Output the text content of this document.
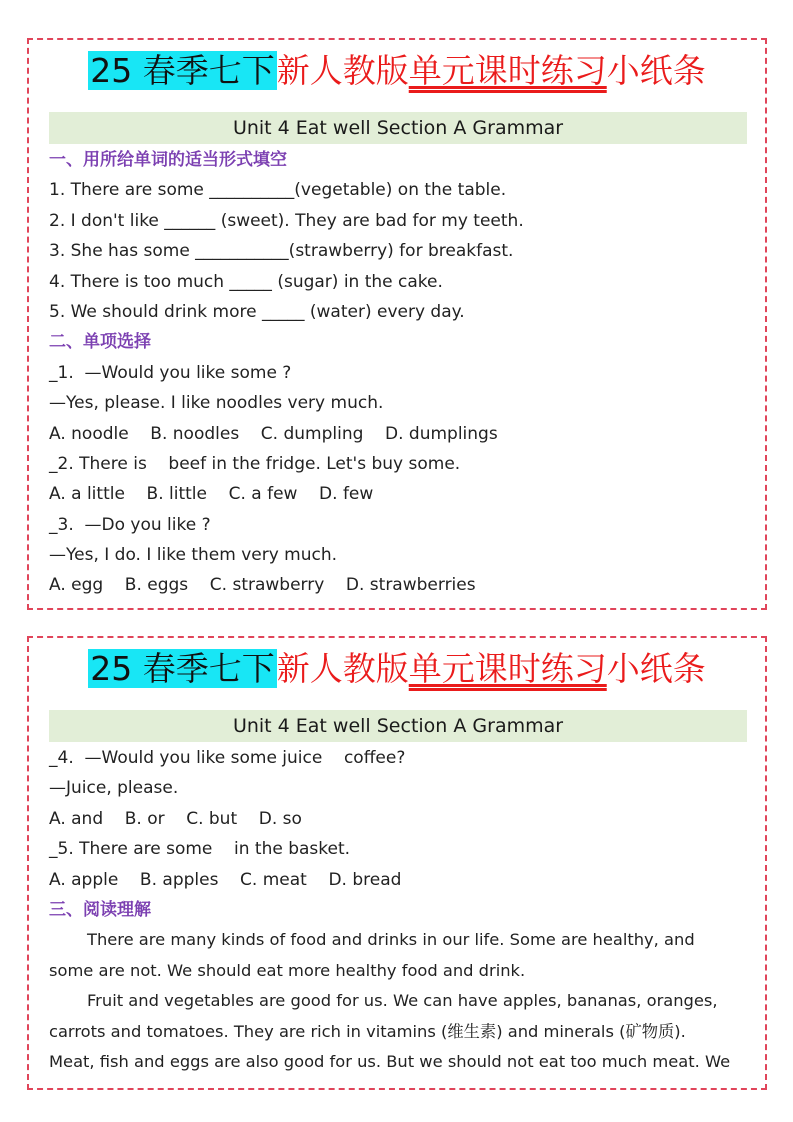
25 春季七下新人教版单元课时练习小纸条
Unit 4 Eat well Section A Grammar
一、用所给单词的适当形式填空
1. There are some __________(vegetable) on the table.
2. I don't like ______ (sweet). They are bad for my teeth.
3. She has some ___________(strawberry) for breakfast.
4. There is too much _____ (sugar) in the cake.
5. We should drink more _____ (water) every day.
二、单项选择
_1.  —Would you like some ?
—Yes, please. I like noodles very much.
A. noodle    B. noodles    C. dumpling    D. dumplings
_2. There is    beef in the fridge. Let's buy some.
A. a little    B. little    C. a few    D. few
_3.  —Do you like ?
—Yes, I do. I like them very much.
A. egg    B. eggs    C. strawberry    D. strawberries
25 春季七下新人教版单元课时练习小纸条
Unit 4 Eat well Section A Grammar
_4.  —Would you like some juice    coffee?
—Juice, please.
A. and    B. or    C. but    D. so
_5. There are some    in the basket.
A. apple    B. apples    C. meat    D. bread
三、阅读理解
There are many kinds of food and drinks in our life. Some are healthy, and
some are not. We should eat more healthy food and drink.
Fruit and vegetables are good for us. We can have apples, bananas, oranges,
carrots and tomatoes. They are rich in vitamins (维生素) and minerals (矿物质).
Meat, fish and eggs are also good for us. But we should not eat too much meat. We
